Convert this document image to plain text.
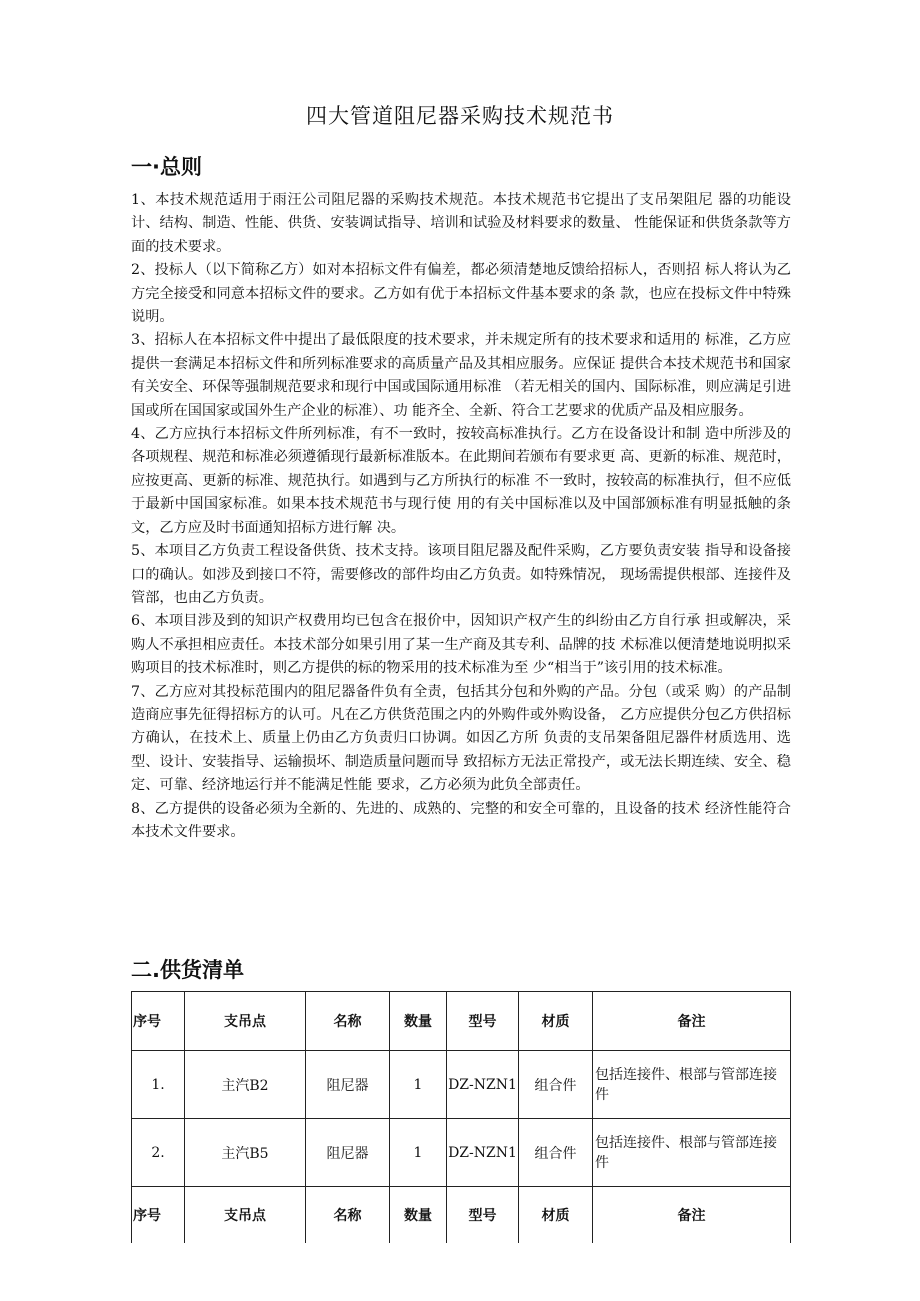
四大管道阻尼器采购技术规范书
一·总则

1、本技术规范适用于雨汪公司阻尼器的采购技术规范。本技术规范书它提出了支吊架阻尼 器的功能设计、结构、制造、性能、供货、安装调试指导、培训和试验及材料要求的数量、 性能保证和供货条款等方面的技术要求。

2、投标人（以下简称乙方）如对本招标文件有偏差，都必须清楚地反馈给招标人，否则招 标人将认为乙方完全接受和同意本招标文件的要求。乙方如有优于本招标文件基本要求的条 款，也应在投标文件中特殊说明。

3、招标人在本招标文件中提出了最低限度的技术要求，并未规定所有的技术要求和适用的 标准，乙方应提供一套满足本招标文件和所列标准要求的高质量产品及其相应服务。应保证 提供合本技术规范书和国家有关安全、环保等强制规范要求和现行中国或国际通用标准 （若无相关的国内、国际标准，则应满足引进国或所在国国家或国外生产企业的标准）、功 能齐全、全新、符合工艺要求的优质产品及相应服务。

4、乙方应执行本招标文件所列标准，有不一致时，按较高标准执行。乙方在设备设计和制 造中所涉及的各项规程、规范和标准必须遵循现行最新标准版本。在此期间若颁布有要求更 高、更新的标准、规范时，应按更高、更新的标准、规范执行。如遇到与乙方所执行的标准 不一致时，按较高的标准执行，但不应低于最新中国国家标准。如果本技术规范书与现行使 用的有关中国标准以及中国部颁标准有明显抵触的条文，乙方应及时书面通知招标方进行解 决。

5、本项目乙方负责工程设备供货、技术支持。该项目阻尼器及配件采购，乙方要负责安装 指导和设备接口的确认。如涉及到接口不符，需要修改的部件均由乙方负责。如特殊情况， 现场需提供根部、连接件及管部，也由乙方负责。

6、本项目涉及到的知识产权费用均已包含在报价中，因知识产权产生的纠纷由乙方自行承 担或解决，采购人不承担相应责任。本技术部分如果引用了某一生产商及其专利、品牌的技 术标准以便清楚地说明拟采购项目的技术标准时，则乙方提供的标的物采用的技术标准为至 少“相当于”该引用的技术标准。

7、乙方应对其投标范围内的阻尼器备件负有全责，包括其分包和外购的产品。分包（或采 购）的产品制造商应事先征得招标方的认可。凡在乙方供货范围之内的外购件或外购设备， 乙方应提供分包乙方供招标方确认，在技术上、质量上仍由乙方负责归口协调。如因乙方所 负责的支吊架备阻尼器件材质选用、选型、设计、安装指导、运输损坏、制造质量问题而导 致招标方无法正常投产，或无法长期连续、安全、稳定、可靠、经济地运行并不能满足性能 要求，乙方必须为此负全部责任。

8、乙方提供的设备必须为全新的、先进的、成熟的、完整的和安全可靠的，且设备的技术 经济性能符合本技术文件要求。

二.供货清单
序号	支吊点	名称	数量	型号	材质	备注
1.	主汽B2	阻尼器	1	DZ-NZN1	组合件	包括连接件、根部与管部连接件
2.	主汽B5	阻尼器	1	DZ-NZN1	组合件	包括连接件、根部与管部连接件
序号	支吊点	名称	数量	型号	材质	备注
